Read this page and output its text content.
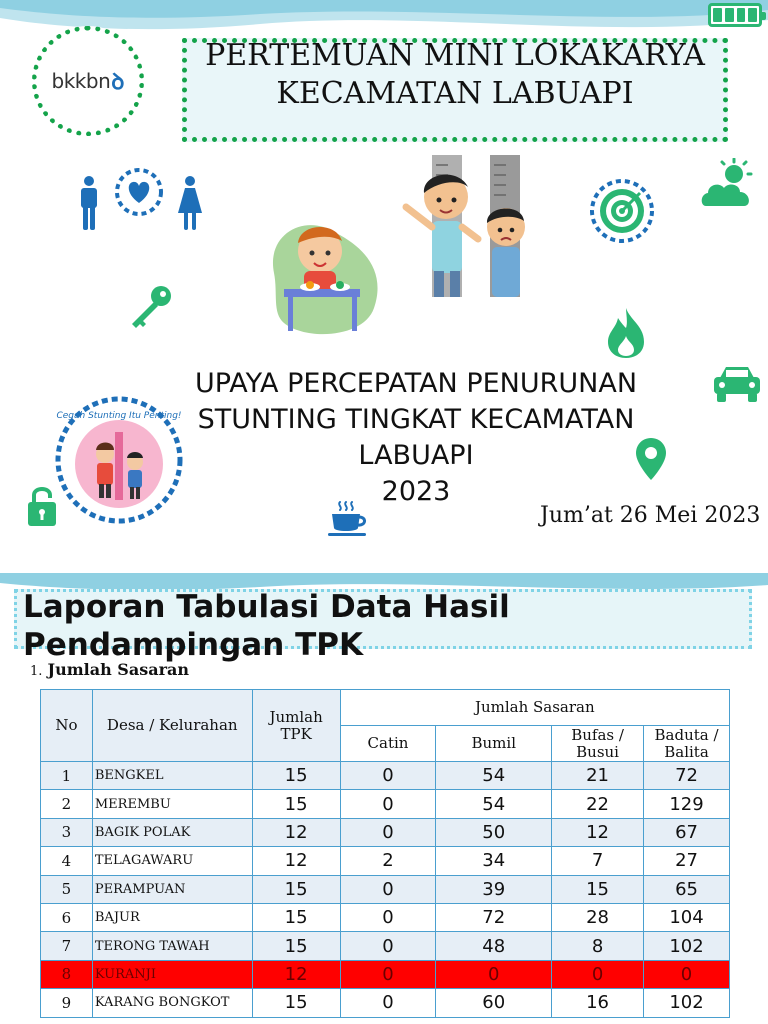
bkkbn ꝺ
PERTEMUAN MINI LOKAKARYA KECAMATAN LABUAPI
Cegah Stunting Itu Penting!
UPAYA PERCEPATAN PENURUNAN
STUNTING TINGKAT KECAMATAN
LABUAPI
2023
Jum’at 26 Mei 2023
Laporan Tabulasi Data Hasil
Pendampingan TPK
1. Jumlah Sasaran
No	Desa / Kelurahan	Jumlah TPK	Jumlah Sasaran			
			Catin	Bumil	Bufas / Busui	Baduta / Balita
1	BENGKEL	15	0	54	21	72
2	MEREMBU	15	0	54	22	129
3	BAGIK POLAK	12	0	50	12	67
4	TELAGAWARU	12	2	34	7	27
5	PERAMPUAN	15	0	39	15	65
6	BAJUR	15	0	72	28	104
7	TERONG TAWAH	15	0	48	8	102
8	KURANJI	12	0	0	0	0
9	KARANG BONGKOT	15	0	60	16	102
